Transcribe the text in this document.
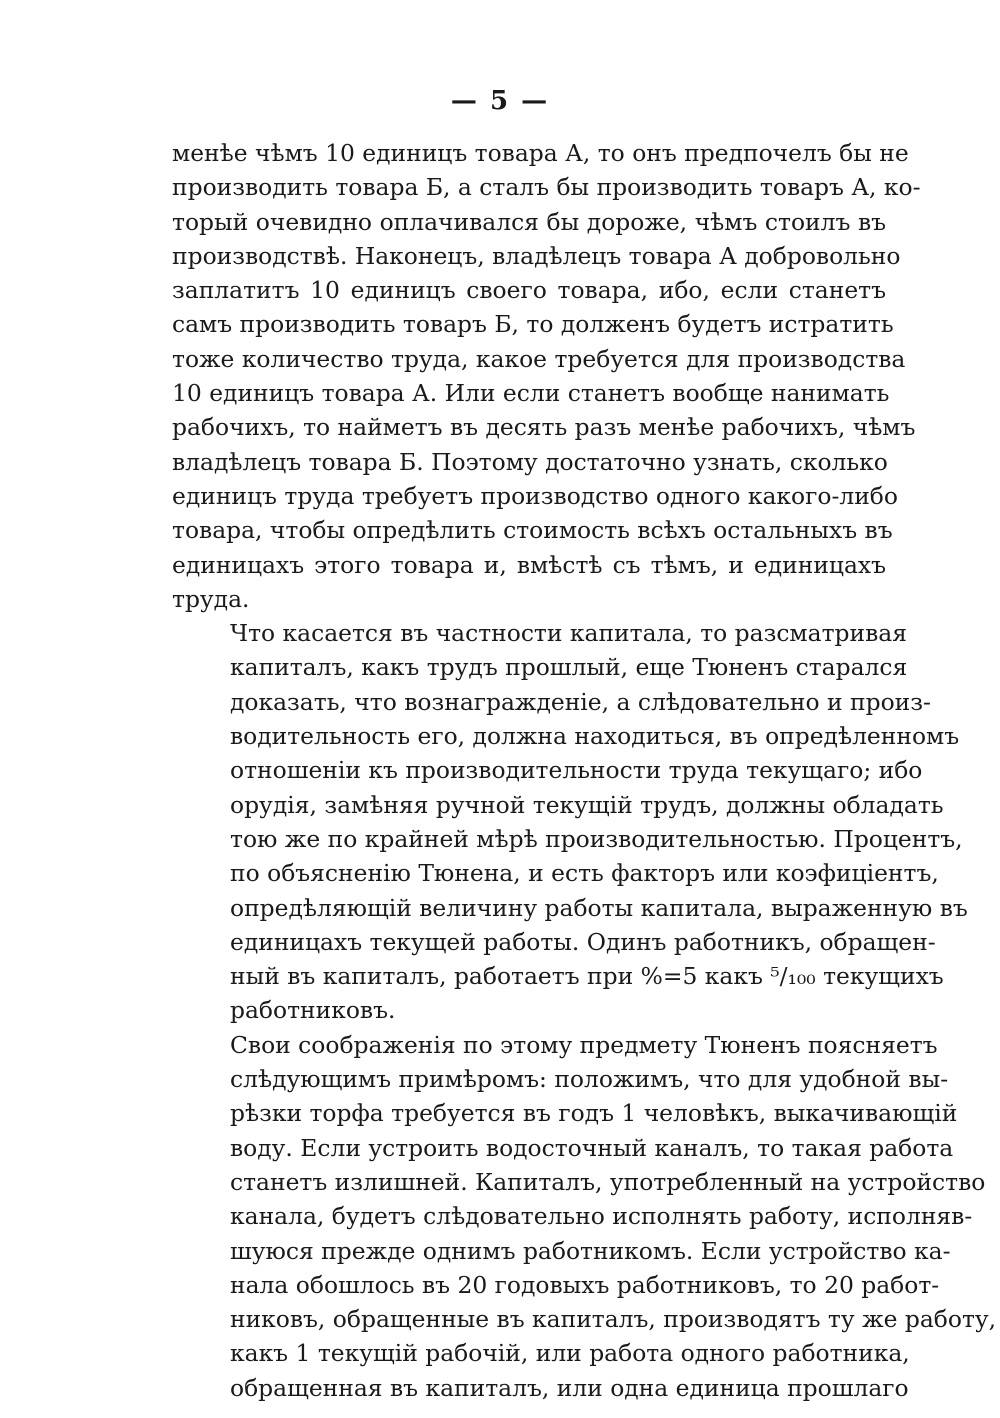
— 5 —

менѣе чѣмъ 10 единицъ товара А, то онъ предпочелъ бы не
производить товара Б, а сталъ бы производить товаръ А, ко-
торый очевидно оплачивался бы дороже, чѣмъ стоилъ въ
производствѣ. Наконецъ, владѣлецъ товара А добровольно
заплатитъ 10 единицъ своего товара, ибо, если станетъ
самъ производить товаръ Б, то долженъ будетъ истратить
тоже количество труда, какое требуется для производства
10 единицъ товара А. Или если станетъ вообще нанимать
рабочихъ, то найметъ въ десять разъ менѣе рабочихъ, чѣмъ
владѣлецъ товара Б. Поэтому достаточно узнать, сколько
единицъ труда требуетъ производство одного какого-либо
товара, чтобы опредѣлить стоимость всѣхъ остальныхъ въ
единицахъ этого товара и, вмѣстѣ съ тѣмъ, и единицахъ
труда.

Что касается въ частности капитала, то разсматривая
капиталъ, какъ трудъ прошлый, еще Тюненъ старался
доказать, что вознагражденіе, а слѣдовательно и произ-
водительность его, должна находиться, въ опредѣленномъ
отношеніи къ производительности труда текущаго; ибо
орудія, замѣняя ручной текущій трудъ, должны обладать
тою же по крайней мѣрѣ производительностью. Процентъ,
по объясненію Тюнена, и есть факторъ или коэфиціентъ,
опредѣляющій величину работы капитала, выраженную въ
единицахъ текущей работы. Одинъ работникъ, обращен-
ный въ капиталъ, работаетъ при %=5 какъ ⁵/₁₀₀ текущихъ
работниковъ.

Свои соображенія по этому предмету Тюненъ поясняетъ
слѣдующимъ примѣромъ: положимъ, что для удобной вы-
рѣзки торфа требуется въ годъ 1 человѣкъ, выкачивающій
воду. Если устроить водосточный каналъ, то такая работа
станетъ излишней. Капиталъ, употребленный на устройство
канала, будетъ слѣдовательно исполнять работу, исполняв-
шуюся прежде однимъ работникомъ. Если устройство ка-
нала обошлось въ 20 годовыхъ работниковъ, то 20 работ-
никовъ, обращенные въ капиталъ, производятъ ту же работу,
какъ 1 текущій рабочій, или работа одного работника,
обращенная въ капиталъ, или одна единица прошлаго
